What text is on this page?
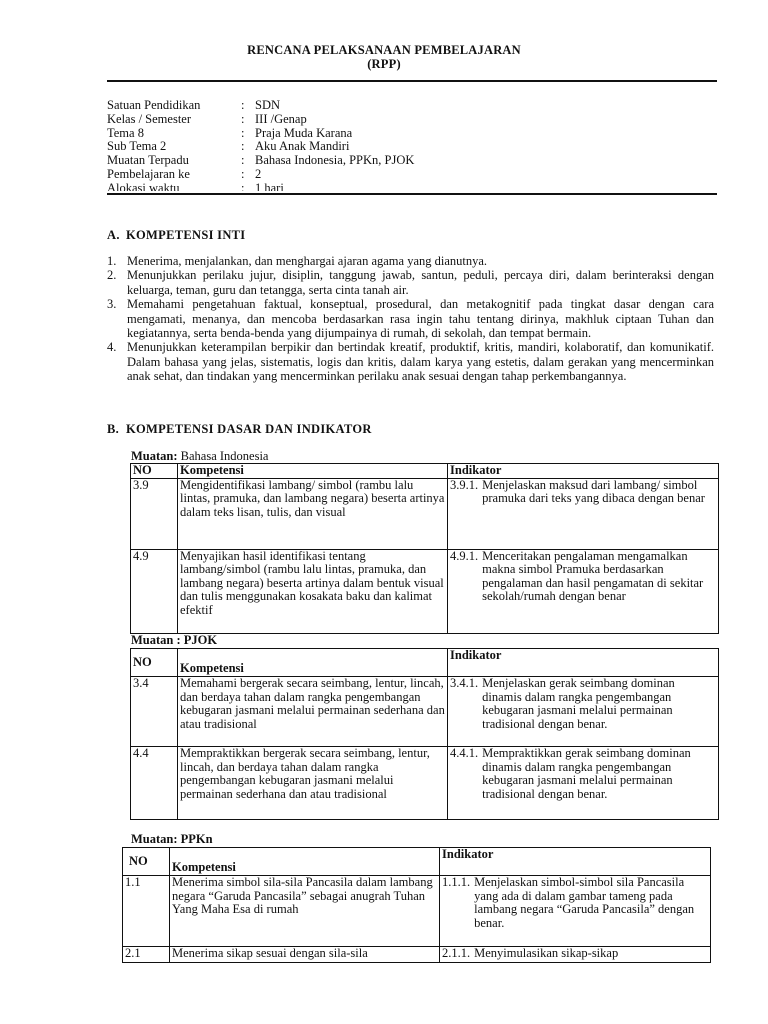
RENCANA PELAKSANAAN PEMBELAJARAN
(RPP)
Satuan Pendidikan	: SDN
Kelas / Semester	: III /Genap
Tema 8	: Praja Muda Karana
Sub Tema 2	: Aku Anak Mandiri
Muatan Terpadu	: Bahasa Indonesia, PPKn, PJOK
Pembelajaran ke	: 2
Alokasi waktu	: 1 hari
A. KOMPETENSI INTI
1. Menerima, menjalankan, dan menghargai ajaran agama yang dianutnya.
2. Menunjukkan perilaku jujur, disiplin, tanggung jawab, santun, peduli, percaya diri, dalam berinteraksi dengan keluarga, teman, guru dan tetangga, serta cinta tanah air.
3. Memahami pengetahuan faktual, konseptual, prosedural, dan metakognitif pada tingkat dasar dengan cara mengamati, menanya, dan mencoba berdasarkan rasa ingin tahu tentang dirinya, makhluk ciptaan Tuhan dan kegiatannya, serta benda-benda yang dijumpainya di rumah, di sekolah, dan tempat bermain.
4. Menunjukkan keterampilan berpikir dan bertindak kreatif, produktif, kritis, mandiri, kolaboratif, dan komunikatif. Dalam bahasa yang jelas, sistematis, logis dan kritis, dalam karya yang estetis, dalam gerakan yang mencerminkan anak sehat, dan tindakan yang mencerminkan perilaku anak sesuai dengan tahap perkembangannya.
B. KOMPETENSI DASAR DAN INDIKATOR
Muatan: Bahasa Indonesia
NO	Kompetensi	Indikator
3.9	Mengidentifikasi lambang/ simbol (rambu lalu lintas, pramuka, dan lambang negara) beserta artinya dalam teks lisan, tulis, dan visual	3.9.1. Menjelaskan maksud dari lambang/ simbol pramuka dari teks yang dibaca dengan benar

4.9	Menyajikan hasil identifikasi tentang lambang/simbol (rambu lalu lintas, pramuka, dan lambang negara) beserta artinya dalam bentuk visual dan tulis menggunakan kosakata baku dan kalimat efektif	4.9.1. Menceritakan pengalaman mengamalkan makna simbol Pramuka berdasarkan pengalaman dan hasil pengamatan di sekitar sekolah/rumah dengan benar
Muatan : PJOK
NO	Kompetensi	Indikator
3.4	Memahami bergerak secara seimbang, lentur, lincah, dan berdaya tahan dalam rangka pengembangan kebugaran jasmani melalui permainan sederhana dan atau tradisional	3.4.1. Menjelaskan gerak seimbang dominan dinamis dalam rangka pengembangan kebugaran jasmani melalui permainan tradisional dengan benar.

4.4	Mempraktikkan bergerak secara seimbang, lentur, lincah, dan berdaya tahan dalam rangka pengembangan kebugaran jasmani melalui permainan sederhana dan atau tradisional	4.4.1. Mempraktikkan gerak seimbang dominan dinamis dalam rangka pengembangan kebugaran jasmani melalui permainan tradisional dengan benar.
Muatan: PPKn
NO	Kompetensi	Indikator
1.1	Menerima simbol sila-sila Pancasila dalam lambang negara “Garuda Pancasila” sebagai anugrah Tuhan Yang Maha Esa di rumah	1.1.1. Menjelaskan simbol-simbol sila Pancasila yang ada di dalam gambar tameng pada lambang negara “Garuda Pancasila” dengan benar.

2.1	Menerima sikap sesuai dengan sila-sila	2.1.1. Menyimulasikan sikap-sikap
